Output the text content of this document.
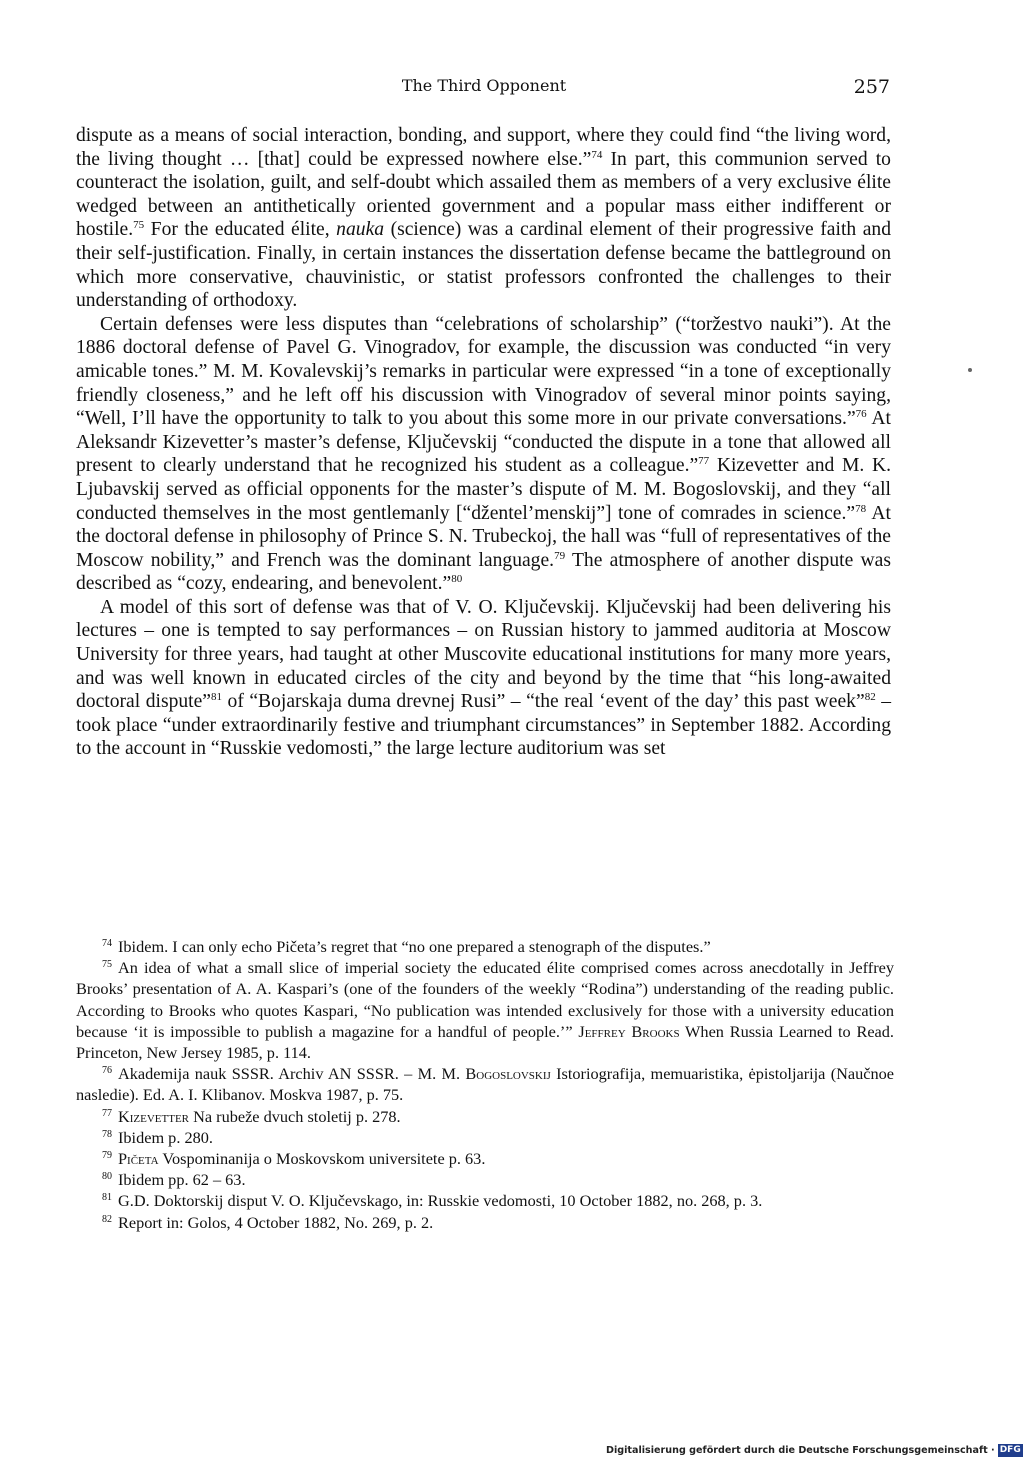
The Third Opponent	257

dispute as a means of social interaction, bonding, and support, where they could find “the living word, the living thought … [that] could be expressed nowhere else.”$^{74}$ In part, this communion served to counteract the isolation, guilt, and self-doubt which assailed them as members of a very exclusive élite wedged between an antithetically oriented government and a popular mass either indifferent or hostile.$^{75}$ For the educated élite, nauka (science) was a cardinal element of their progressive faith and their self-justification. Finally, in certain instances the dissertation defense became the battleground on which more conservative, chauvinistic, or statist professors confronted the challenges to their understanding of orthodoxy.

Certain defenses were less disputes than “celebrations of scholarship” (“toržestvo nauki”). At the 1886 doctoral defense of Pavel G. Vinogradov, for example, the discussion was conducted “in very amicable tones.” M. M. Kovalevskij’s remarks in particular were expressed “in a tone of exceptionally friendly closeness,” and he left off his discussion with Vinogradov of several minor points saying, “Well, I’ll have the opportunity to talk to you about this some more in our private conversations.”$^{76}$ At Aleksandr Kizevetter’s master’s defense, Ključevskij “conducted the dispute in a tone that allowed all present to clearly understand that he recognized his student as a colleague.”$^{77}$ Kizevetter and M. K. Ljubavskij served as official opponents for the master’s dispute of M. M. Bogoslovskij, and they “all conducted themselves in the most gentlemanly [“džentel’menskij”] tone of comrades in science.”$^{78}$ At the doctoral defense in philosophy of Prince S. N. Trubeckoj, the hall was “full of representatives of the Moscow nobility,” and French was the dominant language.$^{79}$ The atmosphere of another dispute was described as “cozy, endearing, and benevolent.”$^{80}$

A model of this sort of defense was that of V. O. Ključevskij. Ključevskij had been delivering his lectures – one is tempted to say performances – on Russian history to jammed auditoria at Moscow University for three years, had taught at other Muscovite educational institutions for many more years, and was well known in educated circles of the city and beyond by the time that “his long-awaited doctoral dispute”$^{81}$ of “Bojarskaja duma drevnej Rusi” – “the real ‘event of the day’ this past week”$^{82}$ – took place “under extraordinarily festive and triumphant circumstances” in September 1882. According to the account in “Russkie vedomosti,” the large lecture auditorium was set

$^{74}$ Ibidem. I can only echo Pičeta’s regret that “no one prepared a stenograph of the disputes.”

$^{75}$ An idea of what a small slice of imperial society the educated élite comprised comes across anecdotally in Jeffrey Brooks’ presentation of A. A. Kaspari’s (one of the founders of the weekly “Rodina”) understanding of the reading public. According to Brooks who quotes Kaspari, “No publication was intended exclusively for those with a university education because ‘it is impossible to publish a magazine for a handful of people.’” Jeffrey Brooks When Russia Learned to Read. Princeton, New Jersey 1985, p. 114.

$^{76}$ Akademija nauk SSSR. Archiv AN SSSR. – M. M. Bogoslovskij Istoriografija, memuaristika, ėpistoljarija (Naučnoe nasledie). Ed. A. I. Klibanov. Moskva 1987, p. 75.

$^{77}$ Kizevetter Na rubeže dvuch stoletij p. 278.

$^{78}$ Ibidem p. 280.

$^{79}$ Pičeta Vospominanija o Moskovskom universitete p. 63.

$^{80}$ Ibidem pp. 62 – 63.

$^{81}$ G.D. Doktorskij disput V. O. Ključevskago, in: Russkie vedomosti, 10 October 1882, no. 268, p. 3.

$^{82}$ Report in: Golos, 4 October 1882, No. 269, p. 2.

Digitalisierung gefördert durch die Deutsche Forschungsgemeinschaft · DFG
